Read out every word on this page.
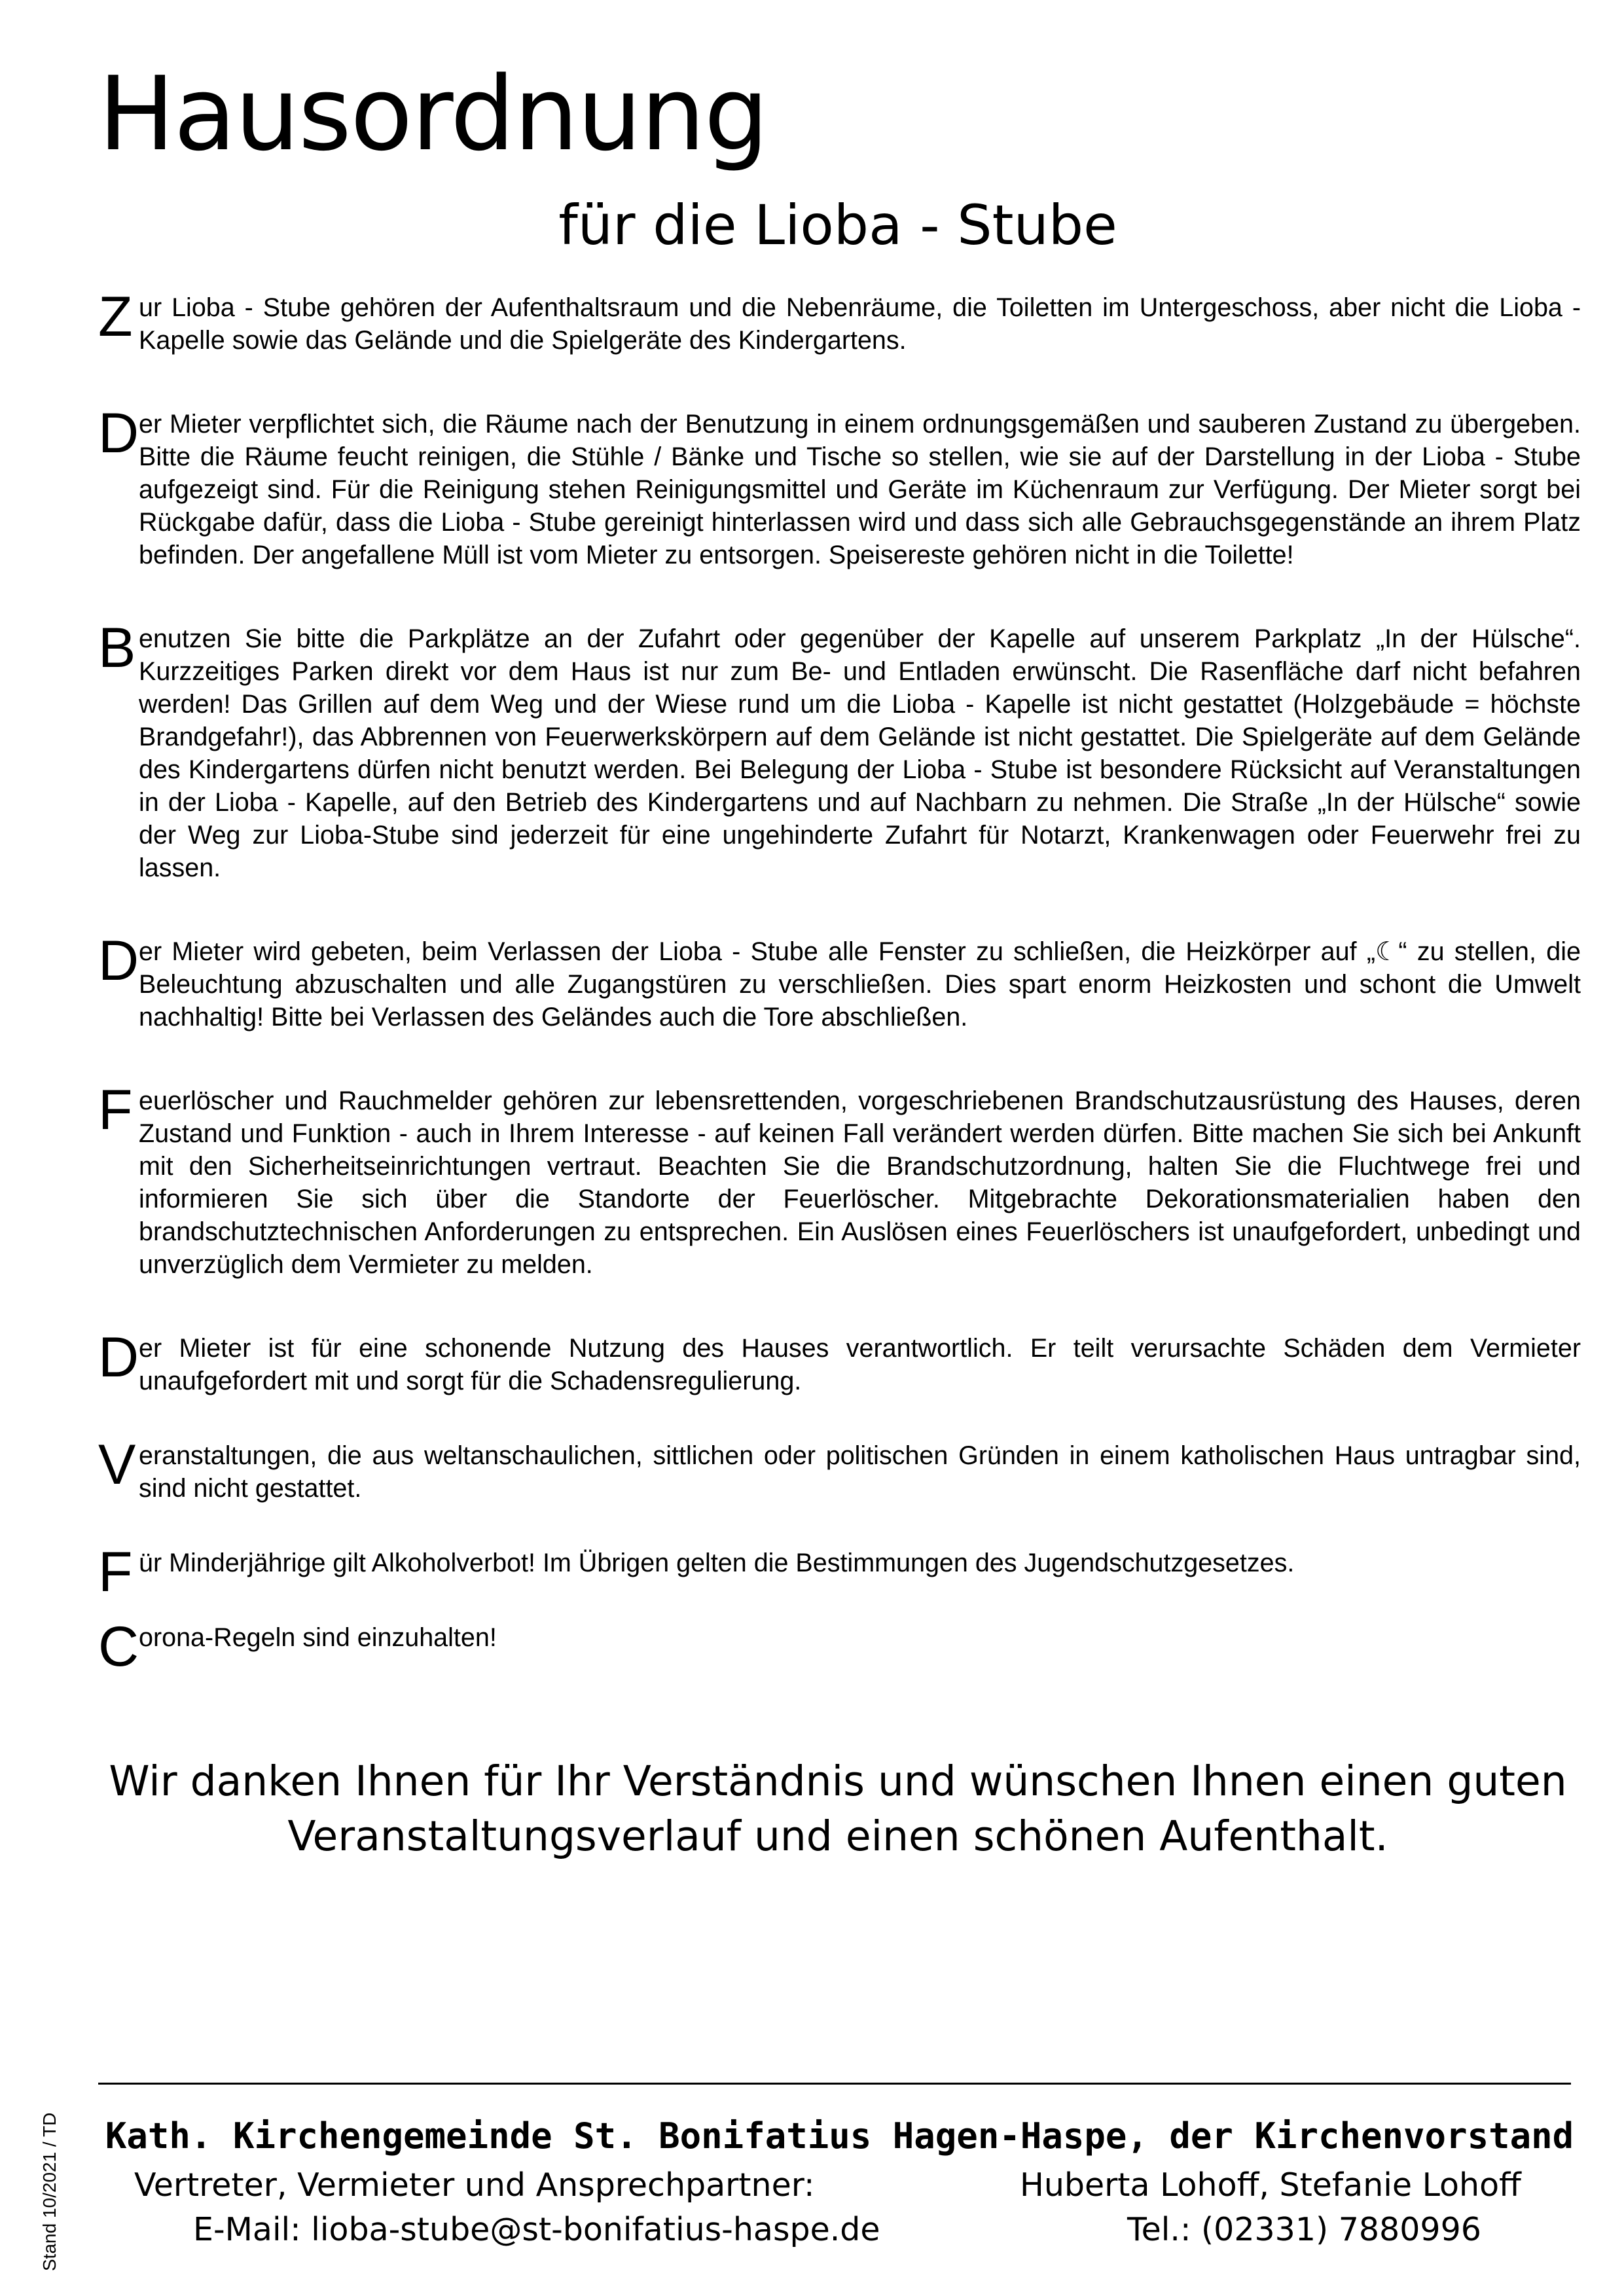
Hausordnung
für die Lioba - Stube

Z ur Lioba - Stube gehören der Aufenthaltsraum und die Nebenräume, die Toiletten im Untergeschoss, aber nicht die Lioba - Kapelle sowie das Gelände und die Spielgeräte des Kindergartens.

D er Mieter verpflichtet sich, die Räume nach der Benutzung in einem ordnungsgemäßen und sauberen Zustand zu übergeben. Bitte die Räume feucht reinigen, die Stühle / Bänke und Tische so stellen, wie sie auf der Darstellung in der Lioba - Stube aufgezeigt sind. Für die Reinigung stehen Reinigungsmittel und Geräte im Küchenraum zur Verfügung. Der Mieter sorgt bei Rückgabe dafür, dass die Lioba - Stube gereinigt hinterlassen wird und dass sich alle Gebrauchsgegenstände an ihrem Platz befinden. Der angefallene Müll ist vom Mieter zu entsorgen. Speisereste gehören nicht in die Toilette!

B enutzen Sie bitte die Parkplätze an der Zufahrt oder gegenüber der Kapelle auf unserem Parkplatz „In der Hülsche“. Kurzzeitiges Parken direkt vor dem Haus ist nur zum Be- und Entladen erwünscht. Die Rasenfläche darf nicht befahren werden! Das Grillen auf dem Weg und der Wiese rund um die Lioba - Kapelle ist nicht gestattet (Holzgebäude = höchste Brandgefahr!), das Abbrennen von Feuerwerkskörpern auf dem Gelände ist nicht gestattet. Die Spielgeräte auf dem Gelände des Kindergartens dürfen nicht benutzt werden. Bei Belegung der Lioba - Stube ist besondere Rücksicht auf Veranstaltungen in der Lioba - Kapelle, auf den Betrieb des Kindergartens und auf Nachbarn zu nehmen. Die Straße „In der Hülsche“ sowie der Weg zur Lioba-Stube sind jederzeit für eine ungehinderte Zufahrt für Notarzt, Krankenwagen oder Feuerwehr frei zu lassen.

D er Mieter wird gebeten, beim Verlassen der Lioba - Stube alle Fenster zu schließen, die Heizkörper auf „☾“ zu stellen, die Beleuchtung abzuschalten und alle Zugangstüren zu verschließen. Dies spart enorm Heizkosten und schont die Umwelt nachhaltig! Bitte bei Verlassen des Geländes auch die Tore abschließen.

F euerlöscher und Rauchmelder gehören zur lebensrettenden, vorgeschriebenen Brandschutzausrüstung des Hauses, deren Zustand und Funktion - auch in Ihrem Interesse - auf keinen Fall verändert werden dürfen. Bitte machen Sie sich bei Ankunft mit den Sicherheitseinrichtungen vertraut. Beachten Sie die Brandschutzordnung, halten Sie die Fluchtwege frei und informieren Sie sich über die Standorte der Feuerlöscher. Mitgebrachte Dekorationsmaterialien haben den brandschutztechnischen Anforderungen zu entsprechen. Ein Auslösen eines Feuerlöschers ist unaufgefordert, unbedingt und unverzüglich dem Vermieter zu melden.

D er Mieter ist für eine schonende Nutzung des Hauses verantwortlich. Er teilt verursachte Schäden dem Vermieter unaufgefordert mit und sorgt für die Schadensregulierung.

V eranstaltungen, die aus weltanschaulichen, sittlichen oder politischen Gründen in einem katholischen Haus untragbar sind, sind nicht gestattet.

F ür Minderjährige gilt Alkoholverbot! Im Übrigen gelten die Bestimmungen des Jugendschutzgesetzes.

C orona-Regeln sind einzuhalten!

Wir danken Ihnen für Ihr Verständnis und wünschen Ihnen einen guten Veranstaltungsverlauf und einen schönen Aufenthalt.

Stand 10/2021 / TD Kath. Kirchengemeinde St. Bonifatius Hagen-Haspe, der Kirchenvorstand
Vertreter, Vermieter und Ansprechpartner:	Huberta Lohoff, Stefanie Lohoff
E-Mail: lioba-stube@st-bonifatius-haspe.de	Tel.: (02331) 7880996
